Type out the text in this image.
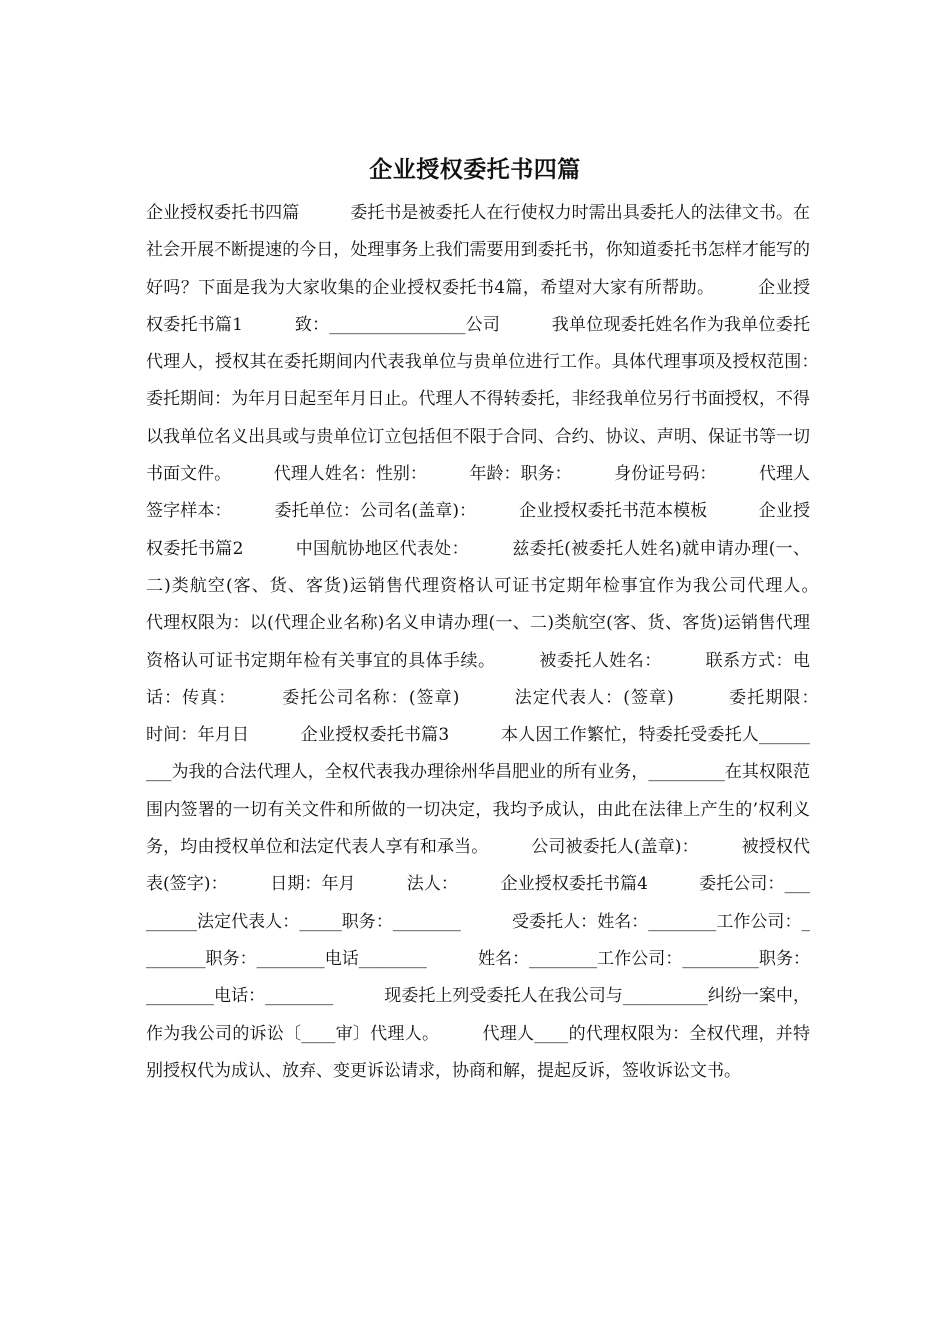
企业授权委托书四篇
企业授权委托书四篇　　　委托书是被委托人在行使权力时需出具委托人的法律文书。在社会开展不断提速的今日，处理事务上我们需要用到委托书，你知道委托书怎样才能写的好吗？下面是我为大家收集的企业授权委托书4篇，希望对大家有所帮助。　　　企业授权委托书篇1　　　致：________________公司　　　我单位现委托姓名作为我单位委托代理人，授权其在委托期间内代表我单位与贵单位进行工作。具体代理事项及授权范围：　　　委托期间：为年月日起至年月日止。代理人不得转委托，非经我单位另行书面授权，不得以我单位名义出具或与贵单位订立包括但不限于合同、合约、协议、声明、保证书等一切书面文件。　　　代理人姓名：性别：　　　年龄：职务：　　　身份证号码：　　　代理人签字样本：　　　委托单位：公司名(盖章)：　　　企业授权委托书范本模板　　　企业授权委托书篇2　　　中国航协地区代表处：　　　兹委托(被委托人姓名)就申请办理(一、二)类航空(客、货、客货)运销售代理资格认可证书定期年检事宜作为我公司代理人。　　　代理权限为：以(代理企业名称)名义申请办理(一、二)类航空(客、货、客货)运销售代理资格认可证书定期年检有关事宜的具体手续。　　　被委托人姓名：　　　联系方式：电话：传真：　　　委托公司名称：(签章)　　　法定代表人：(签章)　　　委托期限：　　　时间：年月日　　　企业授权委托书篇3　　　本人因工作繁忙，特委托受委托人_________为我的合法代理人，全权代表我办理徐州华昌肥业的所有业务，_________在其权限范围内签署的一切有关文件和所做的一切决定，我均予成认，由此在法律上产生的’权利义务，均由授权单位和法定代表人享有和承当。　　　公司被委托人(盖章)：　　　被授权代表(签字)：　　　日期：年月　　　法人：　　　企业授权委托书篇4　　　委托公司：_________法定代表人：_____职务：________　　　受委托人：姓名：________工作公司：________职务：________电话________　　　姓名：________工作公司：_________职务：________电话：________　　　现委托上列受委托人在我公司与__________纠纷一案中，作为我公司的诉讼〔____审〕代理人。　　　代理人____的代理权限为：全权代理，并特别授权代为成认、放弃、变更诉讼请求，协商和解，提起反诉，签收诉讼文书。
